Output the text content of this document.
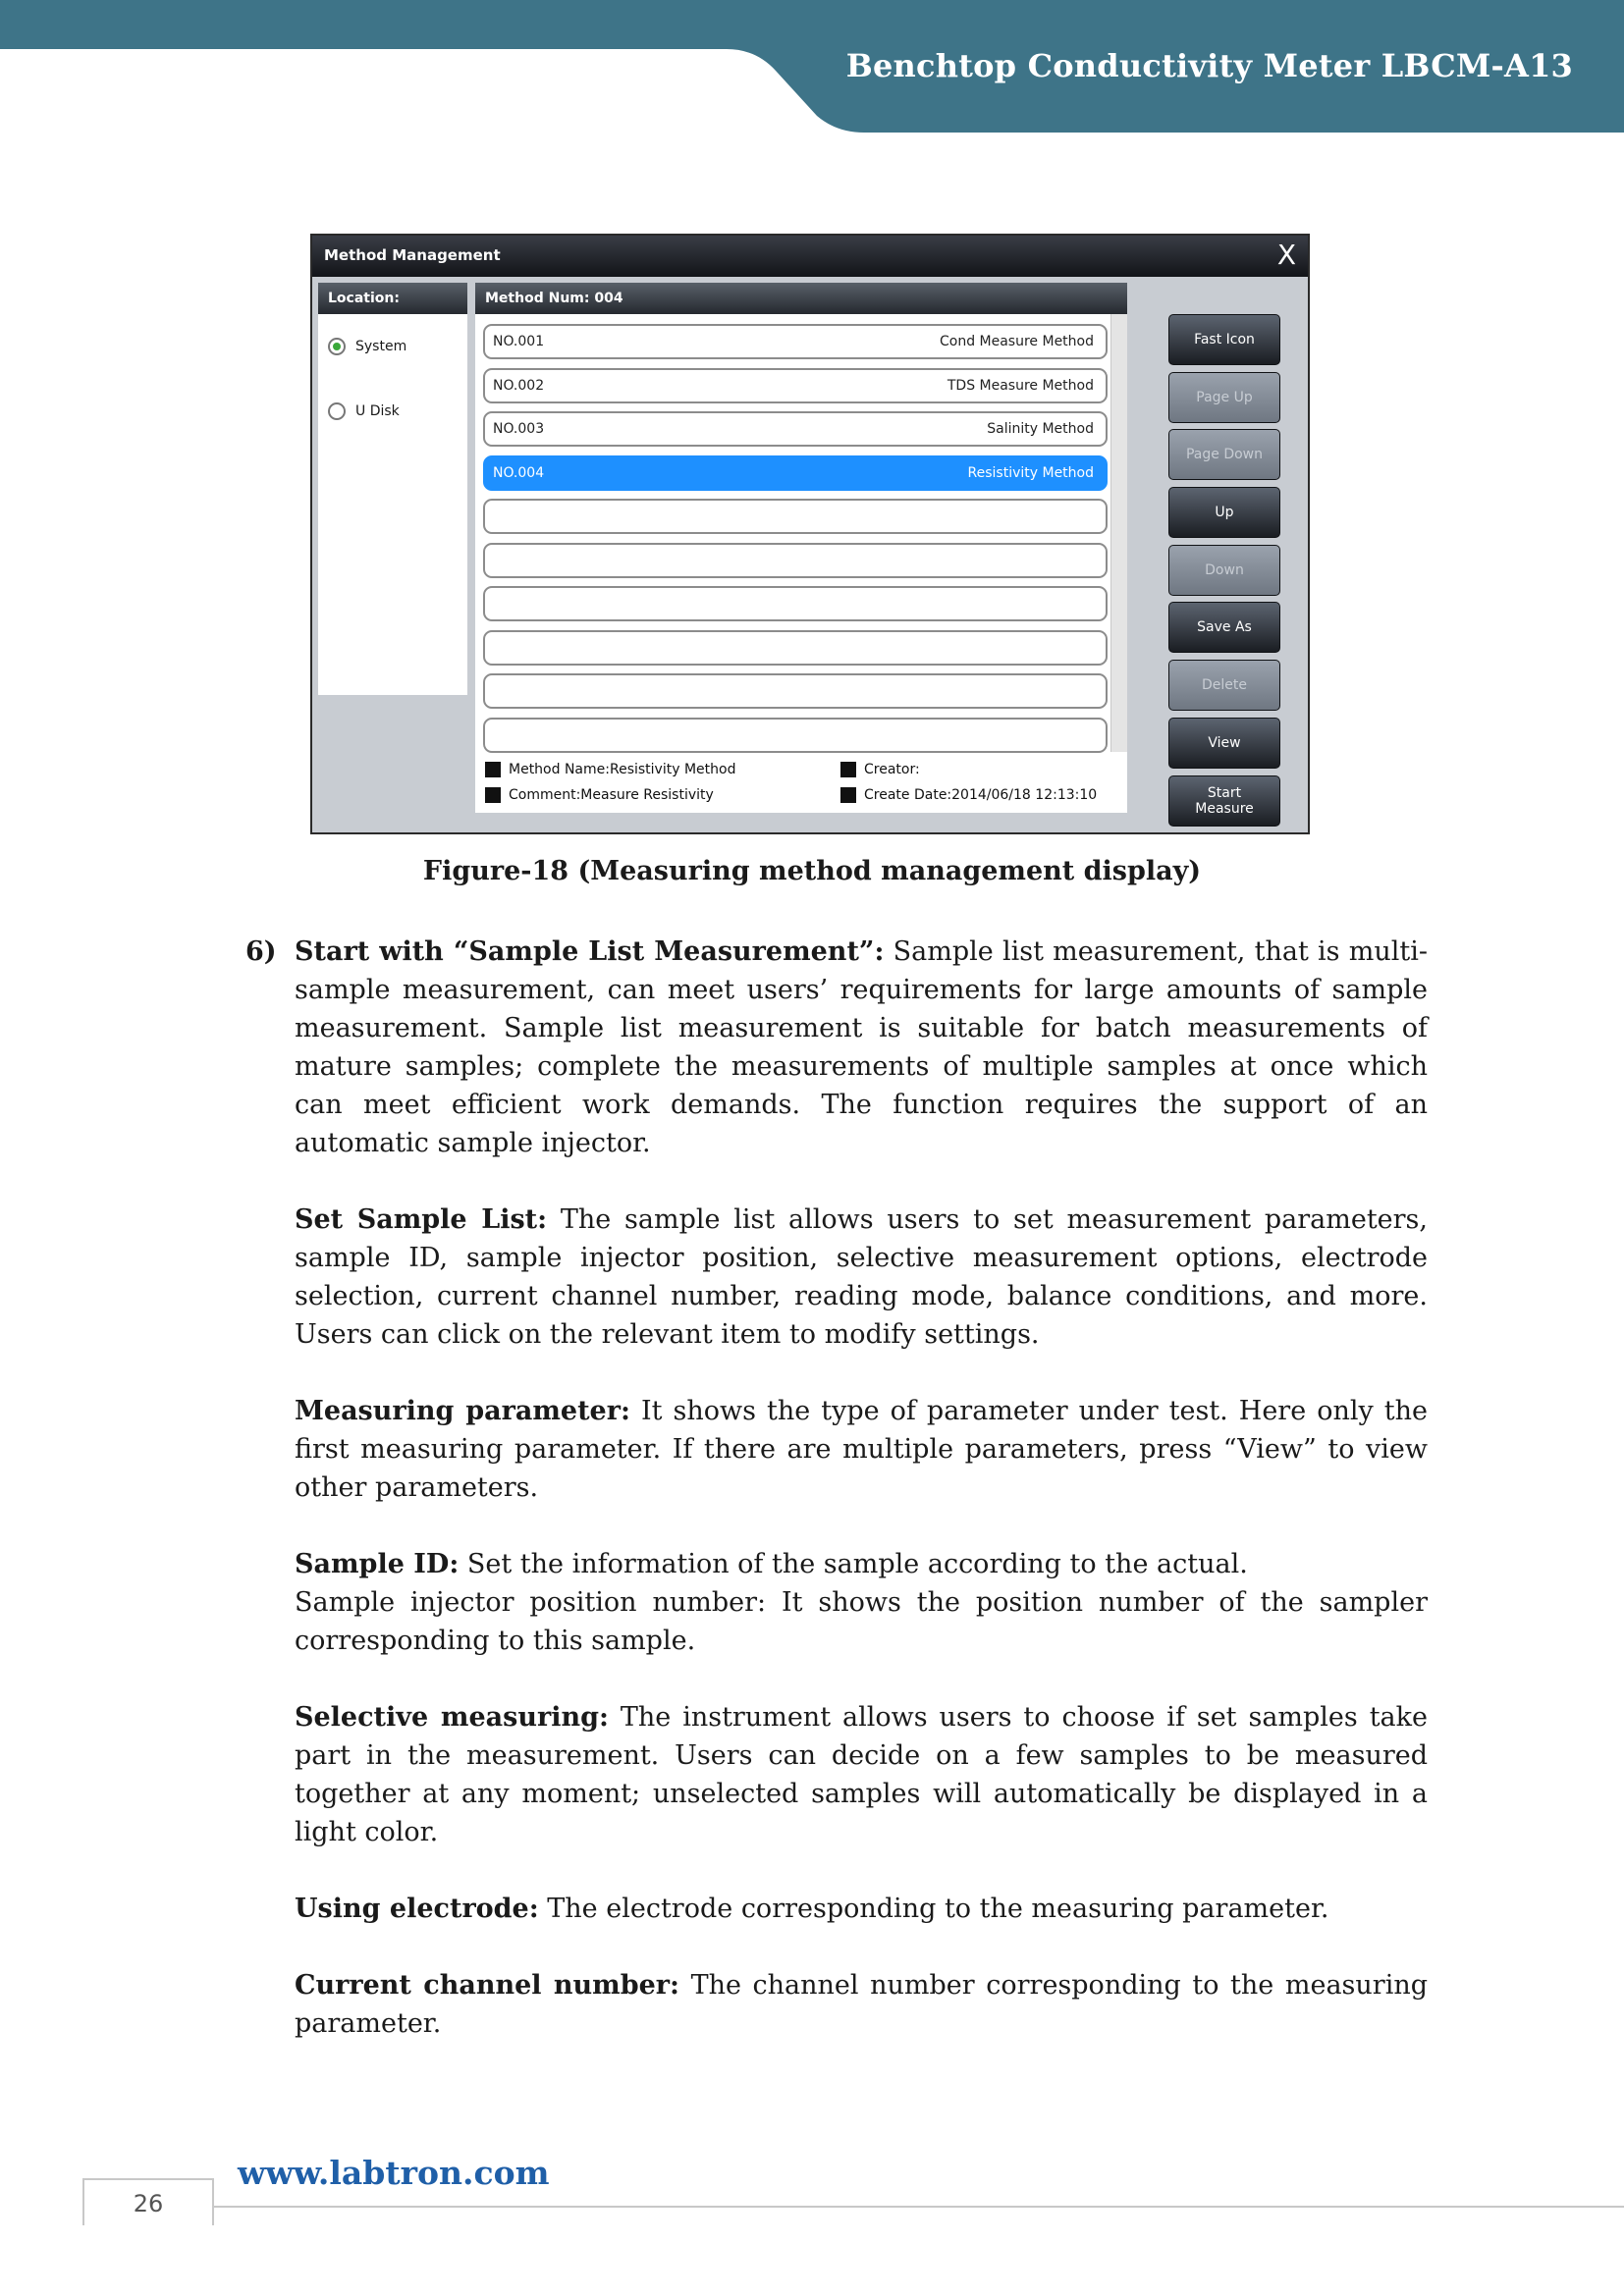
Benchtop Conductivity Meter LBCM-A13
Method Management	X
Location:
System
U Disk
Method Num: 004
NO.001	Cond Measure Method
NO.002	TDS Measure Method
NO.003	Salinity Method
NO.004	Resistivity Method
Method Name:Resistivity Method
Comment:Measure Resistivity
Creator:
Create Date:2014/06/18 12:13:10
Fast Icon
Page Up
Page Down
Up
Down
Save As
Delete
View
Start Measure
Figure-18 (Measuring method management display)
6) Start with “Sample List Measurement”: Sample list measurement, that is multi-sample measurement, can meet users’ requirements for large amounts of sample measurement. Sample list measurement is suitable for batch measurements of mature samples; complete the measurements of multiple samples at once which can meet efficient work demands. The function requires the support of an automatic sample injector.
Set Sample List: The sample list allows users to set measurement parameters, sample ID, sample injector position, selective measurement options, electrode selection, current channel number, reading mode, balance conditions, and more. Users can click on the relevant item to modify settings.
Measuring parameter: It shows the type of parameter under test. Here only the first measuring parameter. If there are multiple parameters, press “View” to view other parameters.
Sample ID: Set the information of the sample according to the actual.
Sample injector position number: It shows the position number of the sampler corresponding to this sample.
Selective measuring: The instrument allows users to choose if set samples take part in the measurement. Users can decide on a few samples to be measured together at any moment; unselected samples will automatically be displayed in a light color.
Using electrode: The electrode corresponding to the measuring parameter.
Current channel number: The channel number corresponding to the measuring parameter.
26
www.labtron.com
